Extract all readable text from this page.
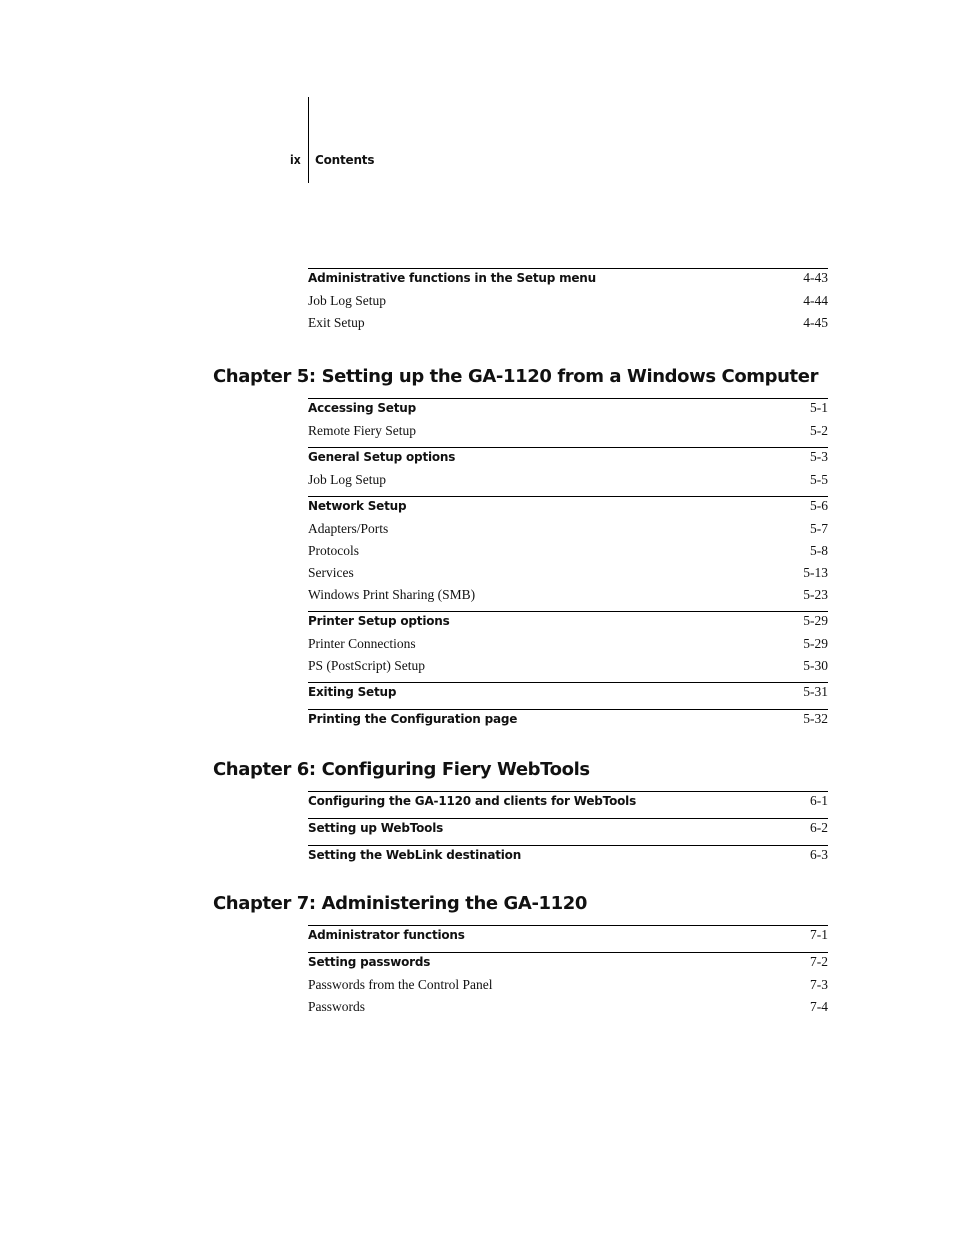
ix Contents
Administrative functions in the Setup menu	4-43
Job Log Setup	4-44
Exit Setup	4-45
Chapter 5: Setting up the GA-1120 from a Windows Computer
Accessing Setup	5-1
Remote Fiery Setup	5-2
General Setup options	5-3
Job Log Setup	5-5
Network Setup	5-6
Adapters/Ports	5-7
Protocols	5-8
Services	5-13
Windows Print Sharing (SMB)	5-23
Printer Setup options	5-29
Printer Connections	5-29
PS (PostScript) Setup	5-30
Exiting Setup	5-31
Printing the Configuration page	5-32
Chapter 6: Configuring Fiery WebTools
Configuring the GA-1120 and clients for WebTools	6-1
Setting up WebTools	6-2
Setting the WebLink destination	6-3
Chapter 7: Administering the GA-1120
Administrator functions	7-1
Setting passwords	7-2
Passwords from the Control Panel	7-3
Passwords	7-4
